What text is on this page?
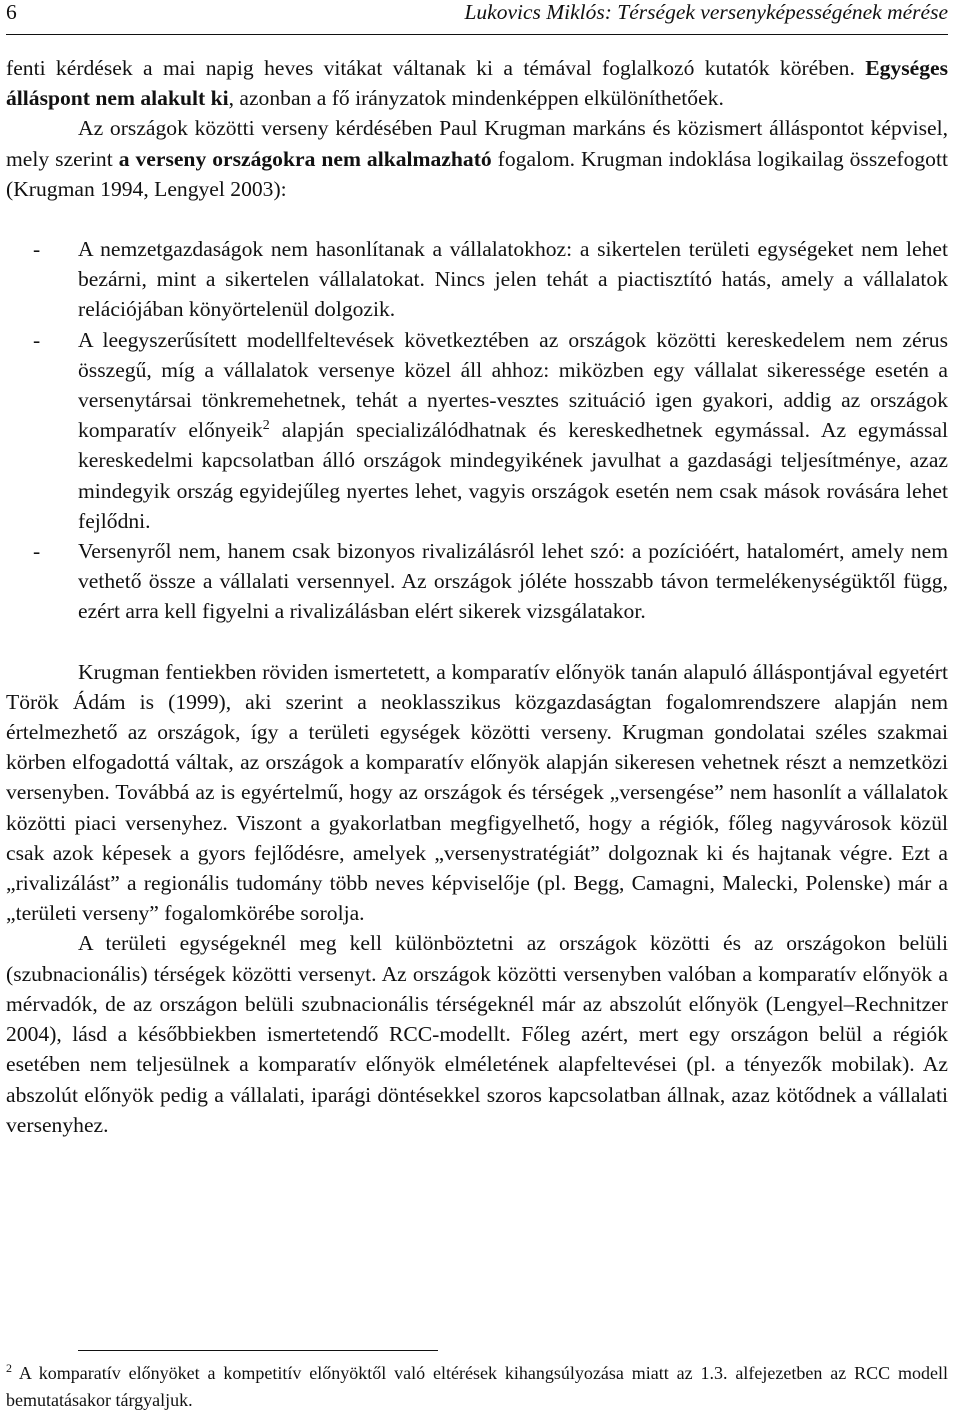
6	Lukovics Miklós: Térségek versenyképességének mérése

fenti kérdések a mai napig heves vitákat váltanak ki a témával foglalkozó kutatók körében. Egységes álláspont nem alakult ki, azonban a fő irányzatok mindenképpen elkülöníthetőek.

Az országok közötti verseny kérdésében Paul Krugman markáns és közismert álláspontot képvisel, mely szerint a verseny országokra nem alkalmazható fogalom. Krugman indoklása logikailag összefogott (Krugman 1994, Lengyel 2003):

- A nemzetgazdaságok nem hasonlítanak a vállalatokhoz: a sikertelen területi egységeket nem lehet bezárni, mint a sikertelen vállalatokat. Nincs jelen tehát a piactisztító hatás, amely a vállalatok relációjában könyörtelenül dolgozik.
- A leegyszerűsített modellfeltevések következtében az országok közötti kereskedelem nem zérus összegű, míg a vállalatok versenye közel áll ahhoz: miközben egy vállalat sikeressége esetén a versenytársai tönkremehetnek, tehát a nyertes-vesztes szituáció igen gyakori, addig az országok komparatív előnyeik$^2$ alapján specializálódhatnak és kereskedhetnek egymással. Az egymással kereskedelmi kapcsolatban álló országok mindegyikének javulhat a gazdasági teljesítménye, azaz mindegyik ország egyidejűleg nyertes lehet, vagyis országok esetén nem csak mások rovására lehet fejlődni.
- Versenyről nem, hanem csak bizonyos rivalizálásról lehet szó: a pozícióért, hatalomért, amely nem vethető össze a vállalati versennyel. Az országok jóléte hosszabb távon termelékenységüktől függ, ezért arra kell figyelni a rivalizálásban elért sikerek vizsgálatakor.

Krugman fentiekben röviden ismertetett, a komparatív előnyök tanán alapuló álláspontjával egyetért Török Ádám is (1999), aki szerint a neoklasszikus közgazdaságtan fogalomrendszere alapján nem értelmezhető az országok, így a területi egységek közötti verseny. Krugman gondolatai széles szakmai körben elfogadottá váltak, az országok a komparatív előnyök alapján sikeresen vehetnek részt a nemzetközi versenyben. Továbbá az is egyértelmű, hogy az országok és térségek „versengése” nem hasonlít a vállalatok közötti piaci versenyhez. Viszont a gyakorlatban megfigyelhető, hogy a régiók, főleg nagyvárosok közül csak azok képesek a gyors fejlődésre, amelyek „versenystratégiát” dolgoznak ki és hajtanak végre. Ezt a „rivalizálást” a regionális tudomány több neves képviselője (pl. Begg, Camagni, Malecki, Polenske) már a „területi verseny” fogalomkörébe sorolja.

A területi egységeknél meg kell különböztetni az országok közötti és az országokon belüli (szubnacionális) térségek közötti versenyt. Az országok közötti versenyben valóban a komparatív előnyök a mérvadók, de az országon belüli szubnacionális térségeknél már az abszolút előnyök (Lengyel–Rechnitzer 2004), lásd a későbbiekben ismertetendő RCC-modellt. Főleg azért, mert egy országon belül a régiók esetében nem teljesülnek a komparatív előnyök elméletének alapfeltevései (pl. a tényezők mobilak). Az abszolút előnyök pedig a vállalati, iparági döntésekkel szoros kapcsolatban állnak, azaz kötődnek a vállalati versenyhez.

$^2$ A komparatív előnyöket a kompetitív előnyöktől való eltérések kihangsúlyozása miatt az 1.3. alfejezetben az RCC modell bemutatásakor tárgyaljuk.
